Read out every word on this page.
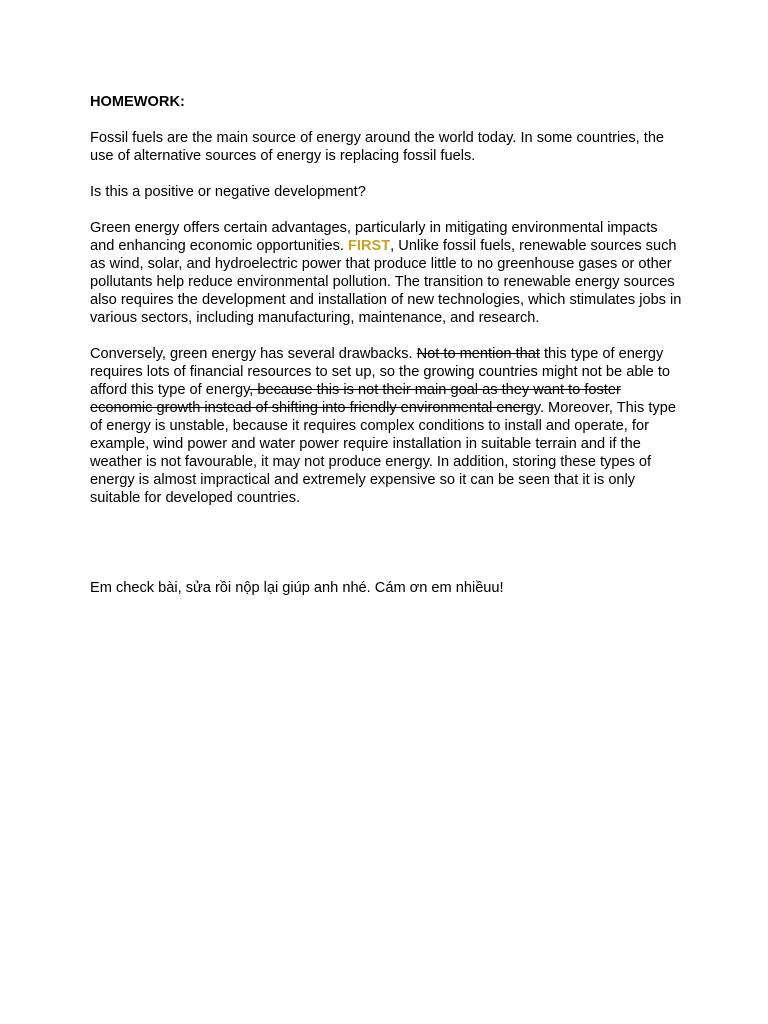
HOMEWORK:

Fossil fuels are the main source of energy around the world today. In some countries, the use of alternative sources of energy is replacing fossil fuels.

Is this a positive or negative development?

Green energy offers certain advantages, particularly in mitigating environmental impacts and enhancing economic opportunities. FIRST, Unlike fossil fuels, renewable sources such as wind, solar, and hydroelectric power that produce little to no greenhouse gases or other pollutants help reduce environmental pollution. The transition to renewable energy sources also requires the development and installation of new technologies, which stimulates jobs in various sectors, including manufacturing, maintenance, and research.

Conversely, green energy has several drawbacks. Not to mention that this type of energy requires lots of financial resources to set up, so the growing countries might not be able to afford this type of energy, because this is not their main goal as they want to foster economic growth instead of shifting into friendly environmental energy. Moreover, This type of energy is unstable, because it requires complex conditions to install and operate, for example, wind power and water power require installation in suitable terrain and if the weather is not favourable, it may not produce energy. In addition, storing these types of energy is almost impractical and extremely expensive so it can be seen that it is only suitable for developed countries.

Em check bài, sửa rồi nộp lại giúp anh nhé. Cám ơn em nhiềuu!
